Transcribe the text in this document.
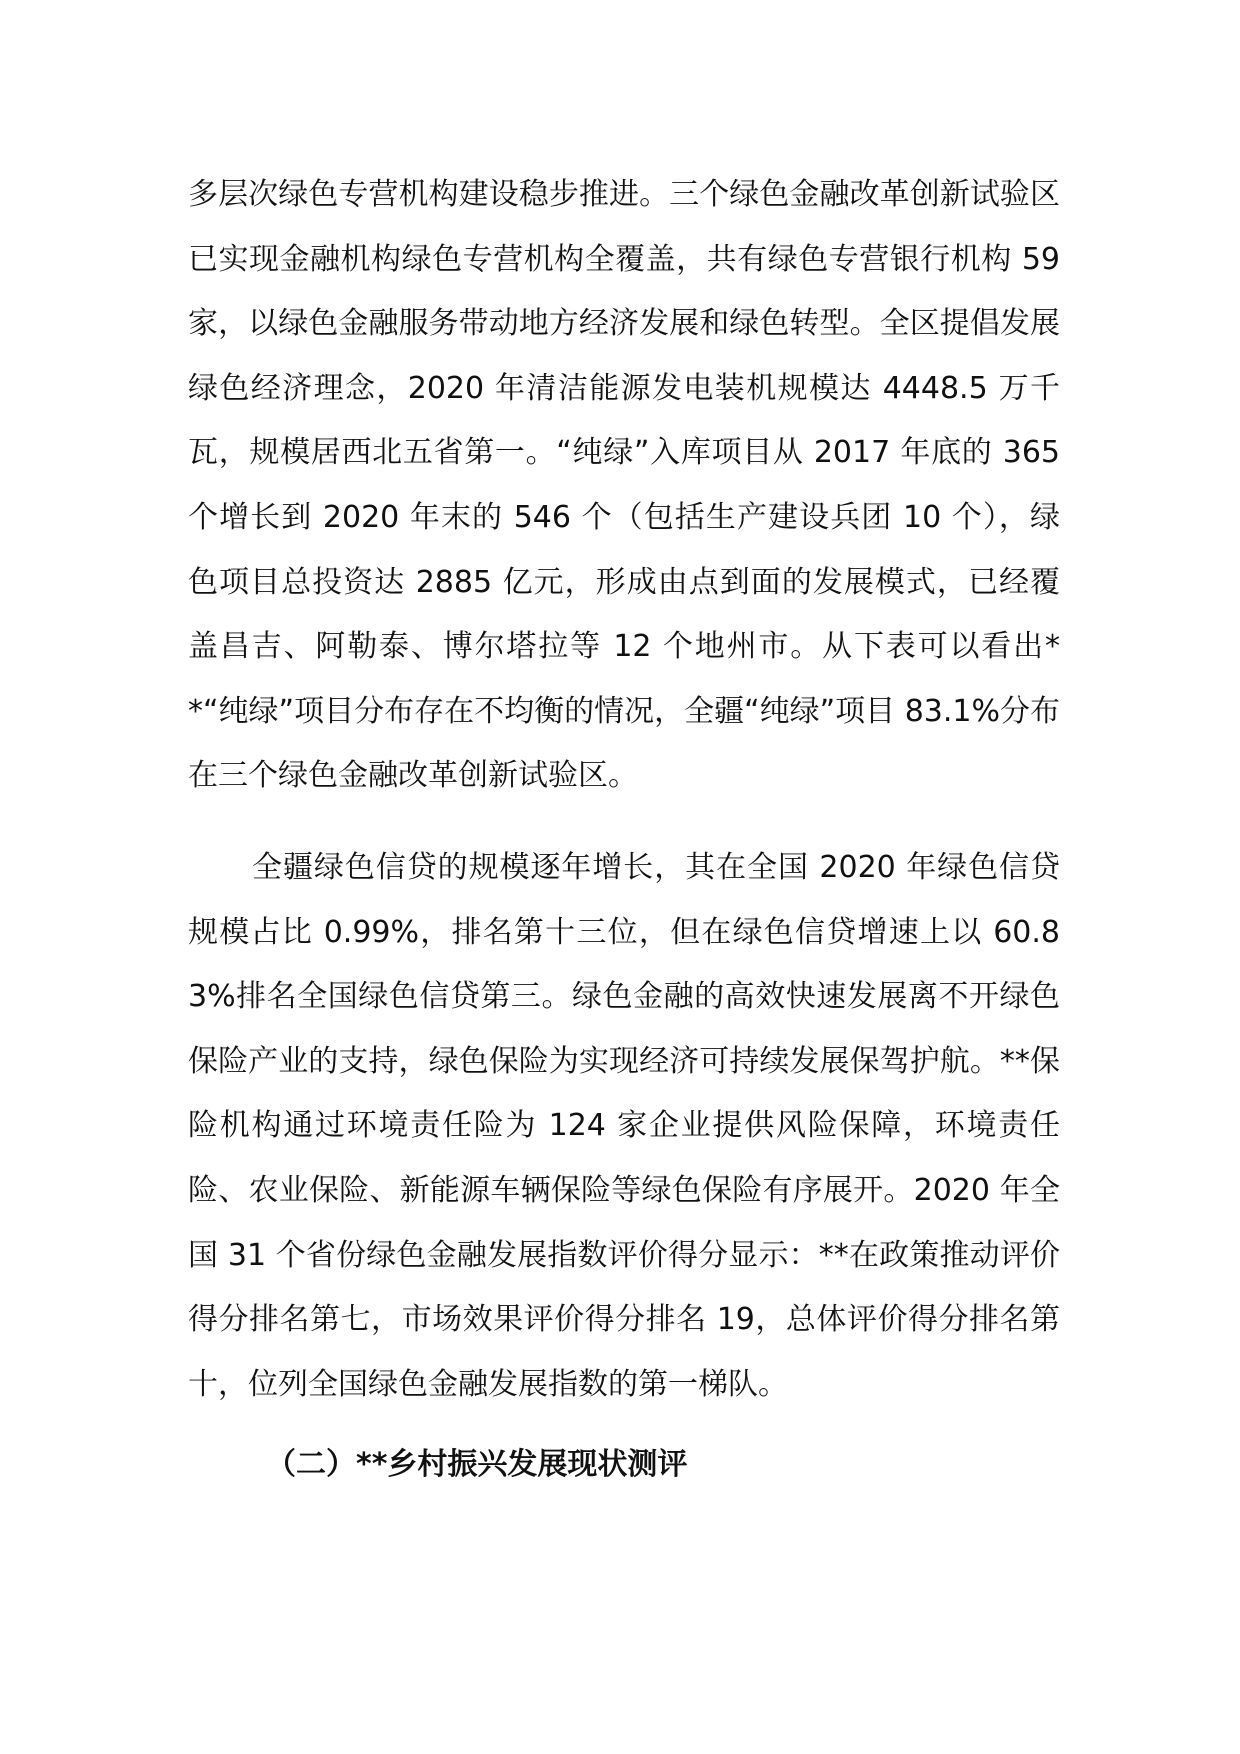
多层次绿色专营机构建设稳步推进。三个绿色金融改革创新试验区已实现金融机构绿色专营机构全覆盖，共有绿色专营银行机构 59 家，以绿色金融服务带动地方经济发展和绿色转型。全区提倡发展绿色经济理念，2020 年清洁能源发电装机规模达 4448.5 万千瓦，规模居西北五省第一。“纯绿”入库项目从 2017 年底的 365 个增长到 2020 年末的 546 个（包括生产建设兵团 10 个），绿色项目总投资达 2885 亿元，形成由点到面的发展模式，已经覆盖昌吉、阿勒泰、博尔塔拉等 12 个地州市。从下表可以看出**“纯绿”项目分布存在不均衡的情况，全疆“纯绿”项目 83.1%分布在三个绿色金融改革创新试验区。

全疆绿色信贷的规模逐年增长，其在全国 2020 年绿色信贷规模占比 0.99%，排名第十三位，但在绿色信贷增速上以 60.83%排名全国绿色信贷第三。绿色金融的高效快速发展离不开绿色保险产业的支持，绿色保险为实现经济可持续发展保驾护航。**保险机构通过环境责任险为 124 家企业提供风险保障，环境责任险、农业保险、新能源车辆保险等绿色保险有序展开。2020 年全国 31 个省份绿色金融发展指数评价得分显示：**在政策推动评价得分排名第七，市场效果评价得分排名 19，总体评价得分排名第十，位列全国绿色金融发展指数的第一梯队。

（二）**乡村振兴发展现状测评
